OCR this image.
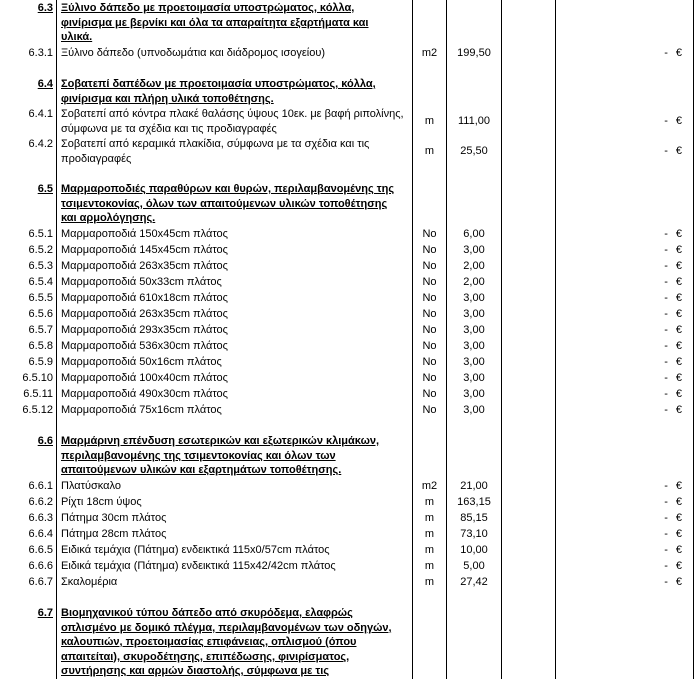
6.3 Ξύλινο δάπεδο με προετοιμασία υποστρώματος, κόλλα,
φινίρισμα με βερνίκι και όλα τα απαραίτητα εξαρτήματα και
υλικά.
6.3.1 Ξύλινο δάπεδο (υπνοδωμάτια και διάδρομος ισογείου)	m2 199,50	- €
6.4 Σοβατεπί δαπέδων με προετοιμασία υποστρώματος, κόλλα,
φινίρισμα και πλήρη υλικά τοποθέτησης.
6.4.1 Σοβατεπί από κόντρα πλακέ θαλάσης ύψους 10εκ. με βαφή ριπολίνης,
σύμφωνα με τα σχέδια και τις προδιαγραφές
m 111,00	- €
6.4.2 Σοβατεπί από κεραμικά πλακίδια, σύμφωνα με τα σχέδια και τις
προδιαγραφές
m 25,50	- €
6.5 Μαρμαροποδιές παραθύρων και θυρών, περιλαμβανομένης της
τσιμεντοκονίας, όλων των απαιτούμενων υλικών τοποθέτησης
και αρμολόγησης.
6.5.1 Μαρμαροποδιά 150x45cm πλάτος	No 6,00	- €
6.5.2 Μαρμαροποδιά 145x45cm πλάτος	No 3,00	- €
6.5.3 Μαρμαροποδιά 263x35cm πλάτος	No 2,00	- €
6.5.4 Μαρμαροποδιά 50x33cm πλάτος	No 2,00	- €
6.5.5 Μαρμαροποδιά 610x18cm πλάτος	No 3,00	- €
6.5.6 Μαρμαροποδιά 263x35cm πλάτος	No 3,00	- €
6.5.7 Μαρμαροποδιά 293x35cm πλάτος	No 3,00	- €
6.5.8 Μαρμαροποδιά 536x30cm πλάτος	No 3,00	- €
6.5.9 Μαρμαροποδιά 50x16cm πλάτος	No 3,00	- €
6.5.10 Μαρμαροποδιά 100x40cm πλάτος	No 3,00	- €
6.5.11 Μαρμαροποδιά 490x30cm πλάτος	No 3,00	- €
6.5.12 Μαρμαροποδιά 75x16cm πλάτος	No 3,00	- €
6.6 Μαρμάρινη επένδυση εσωτερικών και εξωτερικών κλιμάκων,
περιλαμβανομένης της τσιμεντοκονίας και όλων των
απαιτούμενων υλικών και εξαρτημάτων τοποθέτησης.
6.6.1 Πλατύσκαλο	m2 21,00	- €
6.6.2 Ρίχτι 18cm ύψος	m 163,15	- €
6.6.3 Πάτημα 30cm πλάτος	m 85,15	- €
6.6.4 Πάτημα 28cm πλάτος	m 73,10	- €
6.6.5 Ειδικά τεμάχια (Πάτημα) ενδεικτικά 115x0/57cm πλάτος	m 10,00	- €
6.6.6 Ειδικά τεμάχια (Πάτημα) ενδεικτικά 115x42/42cm πλάτος	m	5,00	- €
6.6.7 Σκαλομέρια	m 27,42	- €
6.7 Βιομηχανικού τύπου δάπεδο από σκυρόδεμα, ελαφρώς
οπλισμένο με δομικό πλέγμα, περιλαμβανομένων των οδηγών,
καλουπιών, προετοιμασίας επιφάνειας, οπλισμού (όπου
απαιτείται), σκυροδέτησης, επιπέδωσης, φινιρίσματος,
συντήρησης και αρμών διαστολής, σύμφωνα με τις
